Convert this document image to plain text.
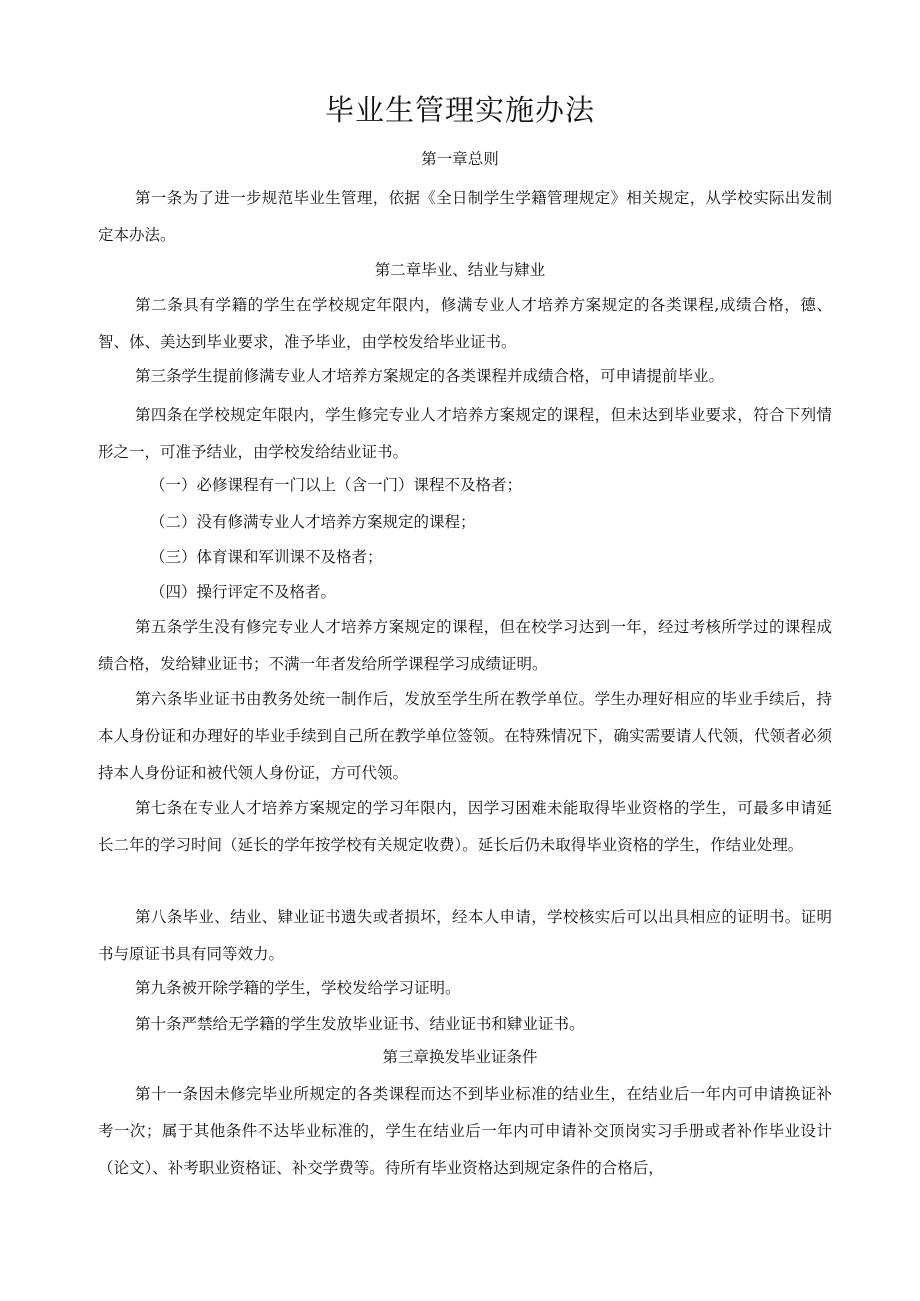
毕业生管理实施办法
第一章总则
第一条为了进一步规范毕业生管理，依据《全日制学生学籍管理规定》相关规定，从学校实际出发制定本办法。
第二章毕业、结业与肄业
第二条具有学籍的学生在学校规定年限内，修满专业人才培养方案规定的各类课程,成绩合格，德、智、体、美达到毕业要求，准予毕业，由学校发给毕业证书。
第三条学生提前修满专业人才培养方案规定的各类课程并成绩合格，可申请提前毕业。
第四条在学校规定年限内，学生修完专业人才培养方案规定的课程，但未达到毕业要求，符合下列情形之一，可准予结业，由学校发给结业证书。
（一）必修课程有一门以上（含一门）课程不及格者；
（二）没有修满专业人才培养方案规定的课程；
（三）体育课和军训课不及格者；
（四）操行评定不及格者。
第五条学生没有修完专业人才培养方案规定的课程，但在校学习达到一年，经过考核所学过的课程成绩合格，发给肄业证书；不满一年者发给所学课程学习成绩证明。
第六条毕业证书由教务处统一制作后，发放至学生所在教学单位。学生办理好相应的毕业手续后，持本人身份证和办理好的毕业手续到自己所在教学单位签领。在特殊情况下，确实需要请人代领，代领者必须持本人身份证和被代领人身份证，方可代领。
第七条在专业人才培养方案规定的学习年限内，因学习困难未能取得毕业资格的学生，可最多申请延长二年的学习时间（延长的学年按学校有关规定收费）。延长后仍未取得毕业资格的学生，作结业处理。
第八条毕业、结业、肄业证书遗失或者损坏，经本人申请，学校核实后可以出具相应的证明书。证明书与原证书具有同等效力。
第九条被开除学籍的学生，学校发给学习证明。
第十条严禁给无学籍的学生发放毕业证书、结业证书和肄业证书。
第三章换发毕业证条件
第十一条因未修完毕业所规定的各类课程而达不到毕业标准的结业生，在结业后一年内可申请换证补考一次；属于其他条件不达毕业标准的，学生在结业后一年内可申请补交顶岗实习手册或者补作毕业设计（论文）、补考职业资格证、补交学费等。待所有毕业资格达到规定条件的合格后，
